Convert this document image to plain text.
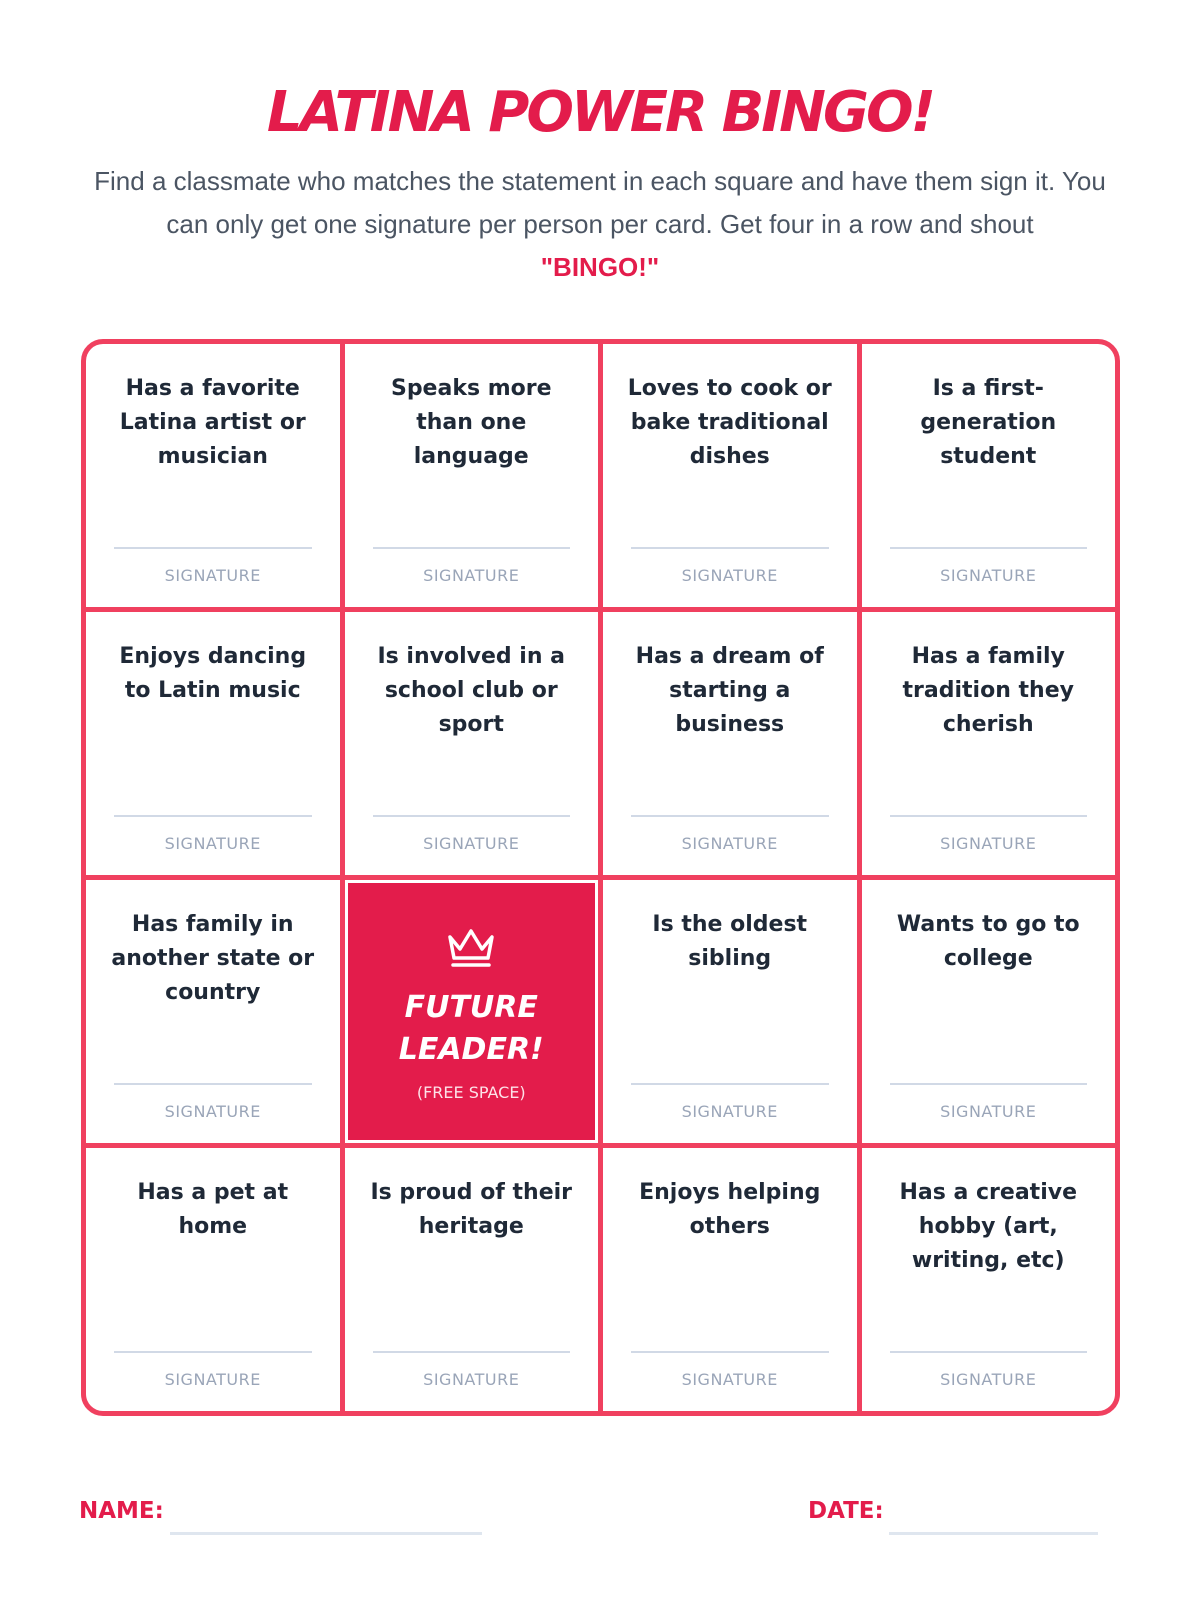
LATINA POWER BINGO!

Find a classmate who matches the statement in each square and have them sign it. You can only get one signature per person per card. Get four in a row and shout
"BINGO!"

Has a favorite Latina artist or musician
SIGNATURE
Speaks more than one language
SIGNATURE
Loves to cook or bake traditional dishes
SIGNATURE
Is a first-generation student
SIGNATURE
Enjoys dancing to Latin music
SIGNATURE
Is involved in a school club or sport
SIGNATURE
Has a dream of starting a business
SIGNATURE
Has a family tradition they cherish
SIGNATURE
Has family in another state or country
SIGNATURE
FUTURE LEADER!
(FREE SPACE)
Is the oldest sibling
SIGNATURE
Wants to go to college
SIGNATURE
Has a pet at home
SIGNATURE
Is proud of their heritage
SIGNATURE
Enjoys helping others
SIGNATURE
Has a creative hobby (art, writing, etc)
SIGNATURE
NAME:	DATE:
